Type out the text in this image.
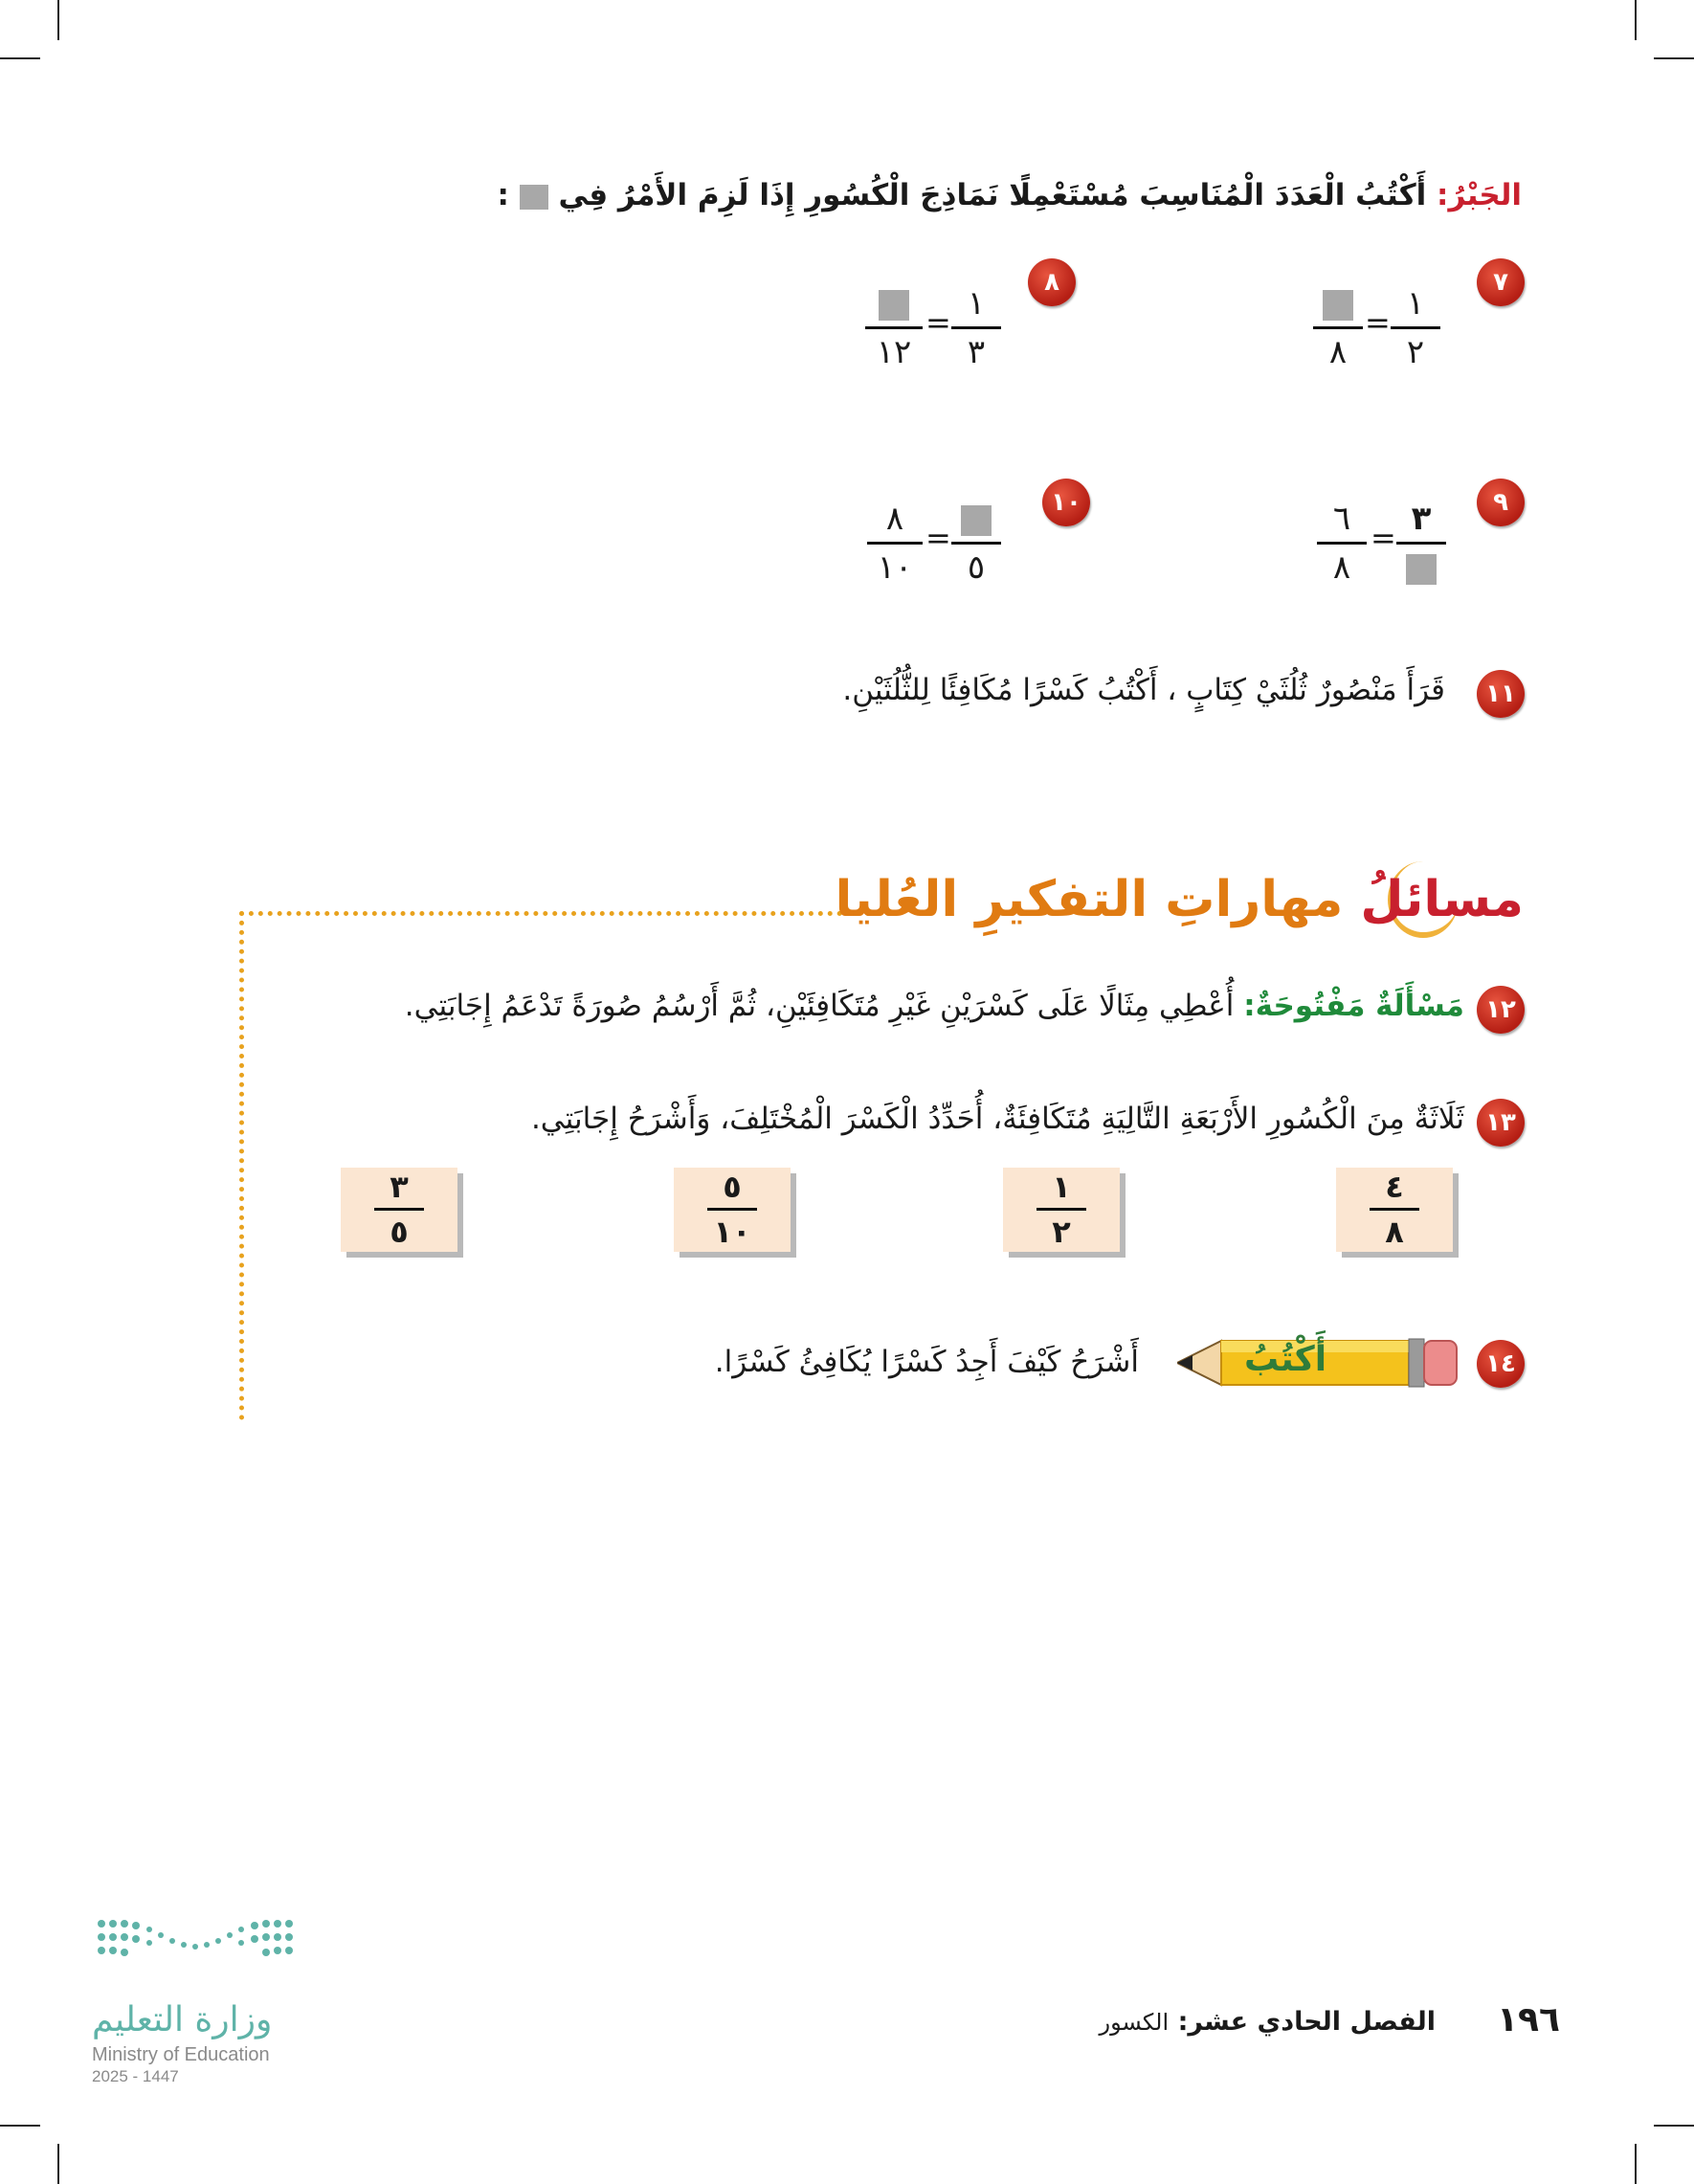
الجَبْرُ: أَكْتُبُ الْعَدَدَ الْمُنَاسِبَ مُسْتَعْمِلًا نَمَاذِجَ الْكُسُورِ إِذَا لَزِمَ الأَمْرُ فِي  :
٧
١
٢
=
٨
٨
١
٣
=
١٢
٩
٣
=
٦
٨
١٠
٥
=
٨
١٠
١١
قَرَأَ مَنْصُورٌ ثُلُثَيْ كِتَابٍ ، أَكْتُبُ كَسْرًا مُكَافِئًا لِلثُّلُثَيْنِ.
مسائلُ مهاراتِ التفكيرِ العُليا
١٢
مَسْأَلَةٌ مَفْتُوحَةٌ: أُعْطِي مِثَالًا عَلَى كَسْرَيْنِ غَيْرِ مُتَكَافِئَيْنِ، ثُمَّ أَرْسُمُ صُورَةً تَدْعَمُ إِجَابَتِي.
١٣
ثَلَاثَةٌ مِنَ الْكُسُورِ الأَرْبَعَةِ التَّالِيَةِ مُتَكَافِئَةٌ، أُحَدِّدُ الْكَسْرَ الْمُخْتَلِفَ، وَأَشْرَحُ إِجَابَتِي.
٤
٨
١
٢
٥
١٠
٣
٥
١٤
أَكْتُبُ
أَشْرَحُ كَيْفَ أَجِدُ كَسْرًا يُكَافِئُ كَسْرًا.
وزارة التعليم
Ministry of Education
2025 - 1447
١٩٦
الفصل الحادي عشر: الكسور
